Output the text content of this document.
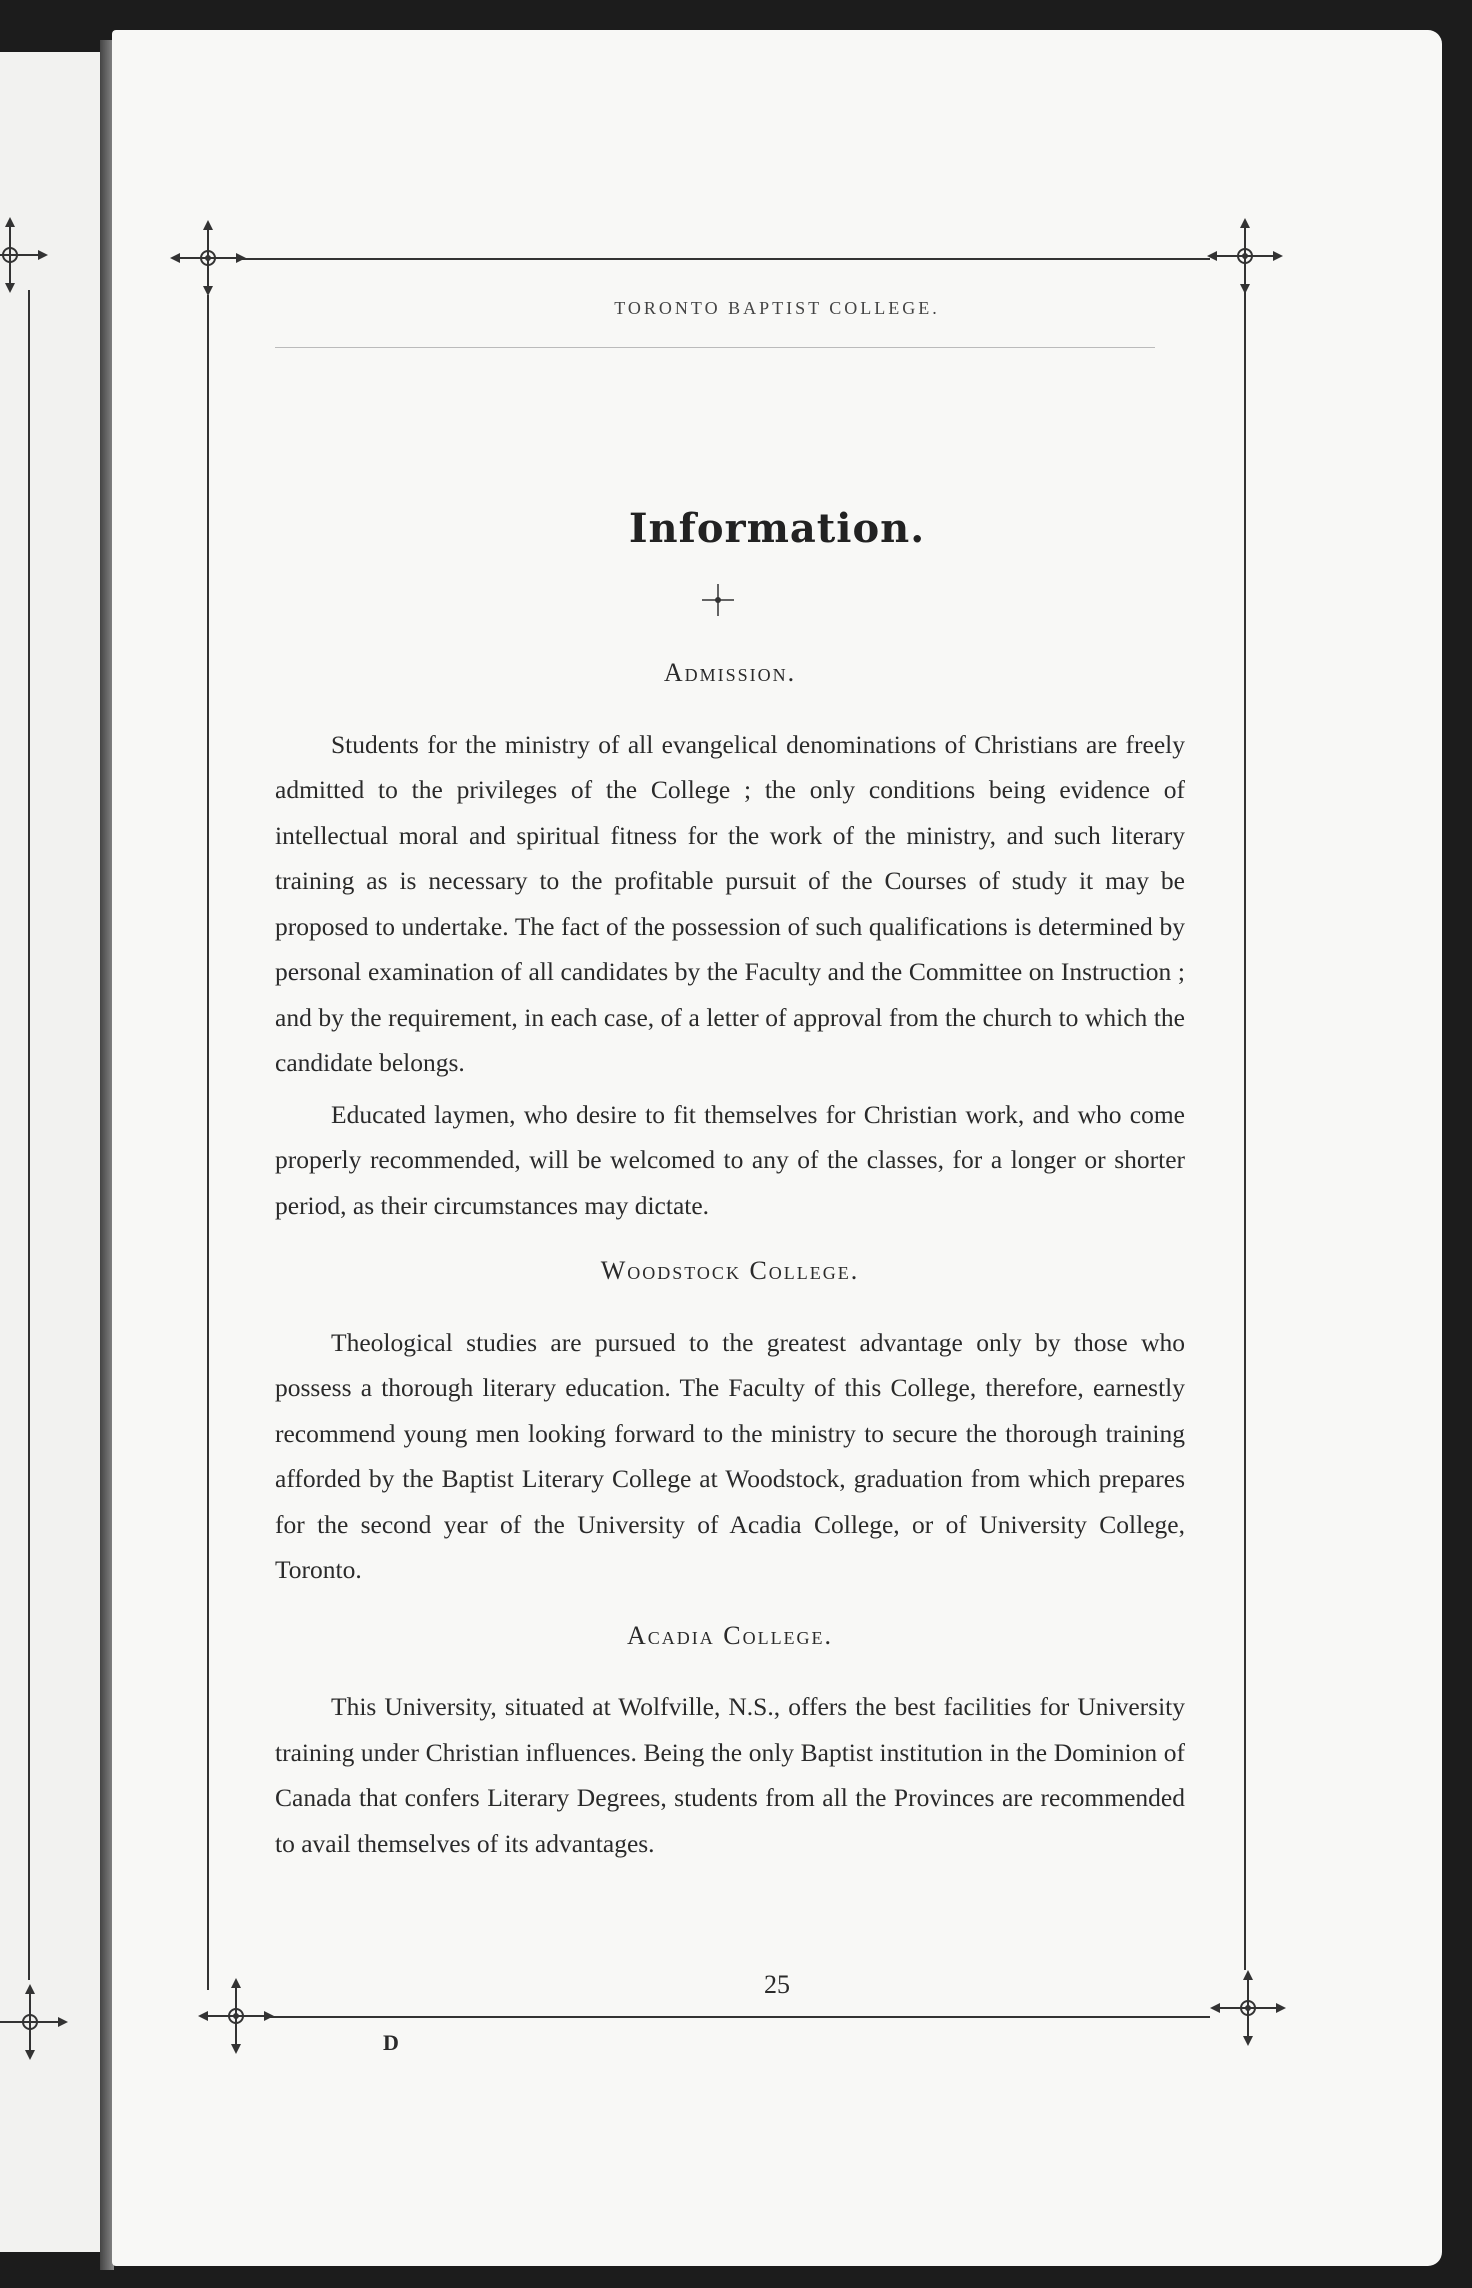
TORONTO BAPTIST COLLEGE.
Information.
Admission.

Students for the ministry of all evangelical denominations of Christians are freely admitted to the privileges of the College ; the only conditions being evidence of intellectual moral and spiritual fitness for the work of the ministry, and such literary training as is necessary to the profitable pursuit of the Courses of study it may be proposed to undertake. The fact of the possession of such qualifications is determined by personal examination of all candidates by the Faculty and the Committee on Instruction ; and by the requirement, in each case, of a letter of approval from the church to which the candidate belongs.

Educated laymen, who desire to fit themselves for Christian work, and who come properly recommended, will be welcomed to any of the classes, for a longer or shorter period, as their circumstances may dictate.

Woodstock College.

Theological studies are pursued to the greatest advantage only by those who possess a thorough literary education. The Faculty of this College, therefore, earnestly recommend young men looking forward to the ministry to secure the thorough training afforded by the Baptist Literary College at Woodstock, graduation from which prepares for the second year of the University of Acadia College, or of University College, Toronto.

Acadia College.

This University, situated at Wolfville, N.S., offers the best facilities for University training under Christian influences. Being the only Baptist institution in the Dominion of Canada that confers Literary Degrees, students from all the Provinces are recommended to avail themselves of its advantages.

25
D
